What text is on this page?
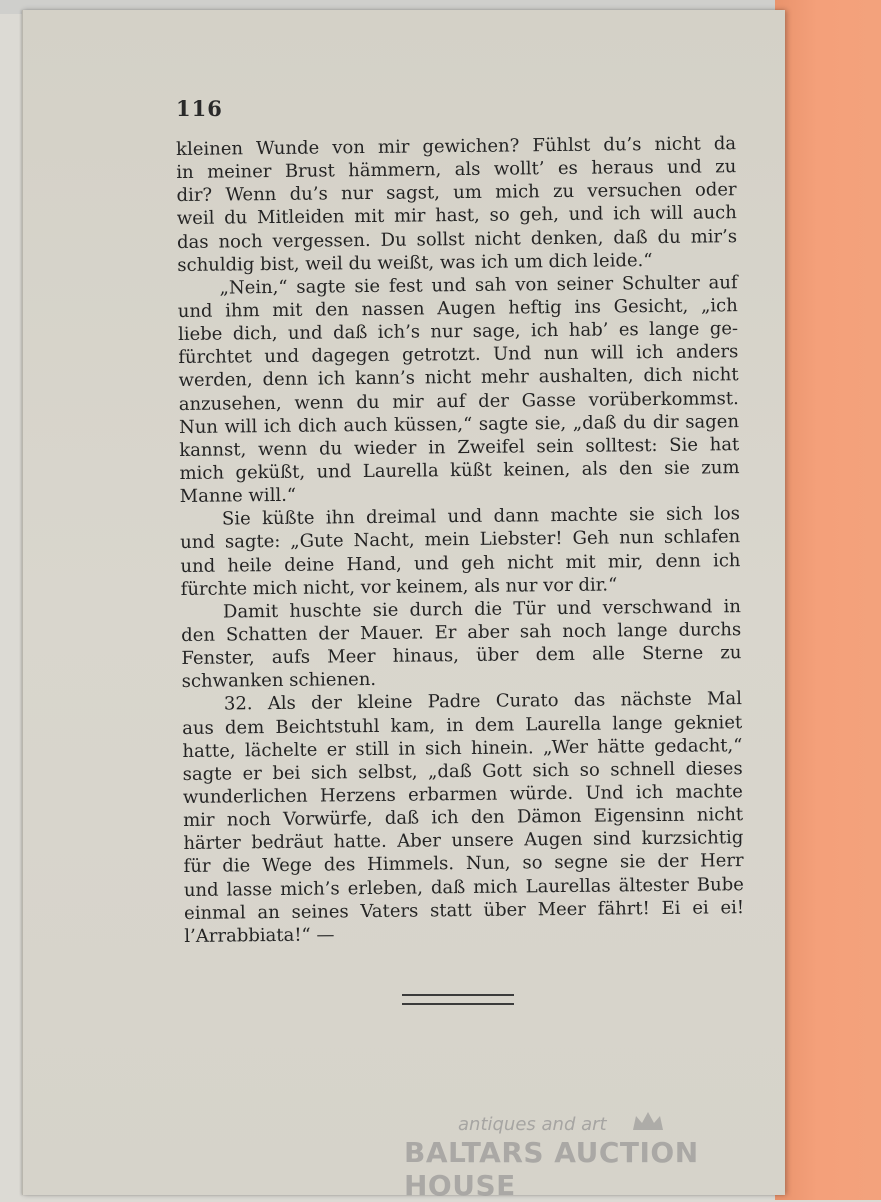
116
kleinen Wunde von mir gewichen? Fühlst du’s nicht da
in meiner Brust hämmern, als wollt’ es heraus und zu
dir? Wenn du’s nur sagst, um mich zu versuchen oder
weil du Mitleiden mit mir hast, so geh, und ich will auch
das noch vergessen. Du sollst nicht denken, daß du mir’s
schuldig bist, weil du weißt, was ich um dich leide.“
„Nein,“ sagte sie fest und sah von seiner Schulter auf
und ihm mit den nassen Augen heftig ins Gesicht, „ich
liebe dich, und daß ich’s nur sage, ich hab’ es lange ge-
fürchtet und dagegen getrotzt. Und nun will ich anders
werden, denn ich kann’s nicht mehr aushalten, dich nicht
anzusehen, wenn du mir auf der Gasse vorüberkommst.
Nun will ich dich auch küssen,“ sagte sie, „daß du dir sagen
kannst, wenn du wieder in Zweifel sein solltest: Sie hat
mich geküßt, und Laurella küßt keinen, als den sie zum
Manne will.“
Sie küßte ihn dreimal und dann machte sie sich los
und sagte: „Gute Nacht, mein Liebster! Geh nun schlafen
und heile deine Hand, und geh nicht mit mir, denn ich
fürchte mich nicht, vor keinem, als nur vor dir.“
Damit huschte sie durch die Tür und verschwand in
den Schatten der Mauer. Er aber sah noch lange durchs
Fenster, aufs Meer hinaus, über dem alle Sterne zu
schwanken schienen.
32. Als der kleine Padre Curato das nächste Mal
aus dem Beichtstuhl kam, in dem Laurella lange gekniet
hatte, lächelte er still in sich hinein. „Wer hätte gedacht,“
sagte er bei sich selbst, „daß Gott sich so schnell dieses
wunderlichen Herzens erbarmen würde. Und ich machte
mir noch Vorwürfe, daß ich den Dämon Eigensinn nicht
härter bedräut hatte. Aber unsere Augen sind kurzsichtig
für die Wege des Himmels. Nun, so segne sie der Herr
und lasse mich’s erleben, daß mich Laurellas ältester Bube
einmal an seines Vaters statt über Meer fährt! Ei ei ei!
l’Arrabbiata!“ —
antiques and art
BALTARS AUCTION HOUSE
